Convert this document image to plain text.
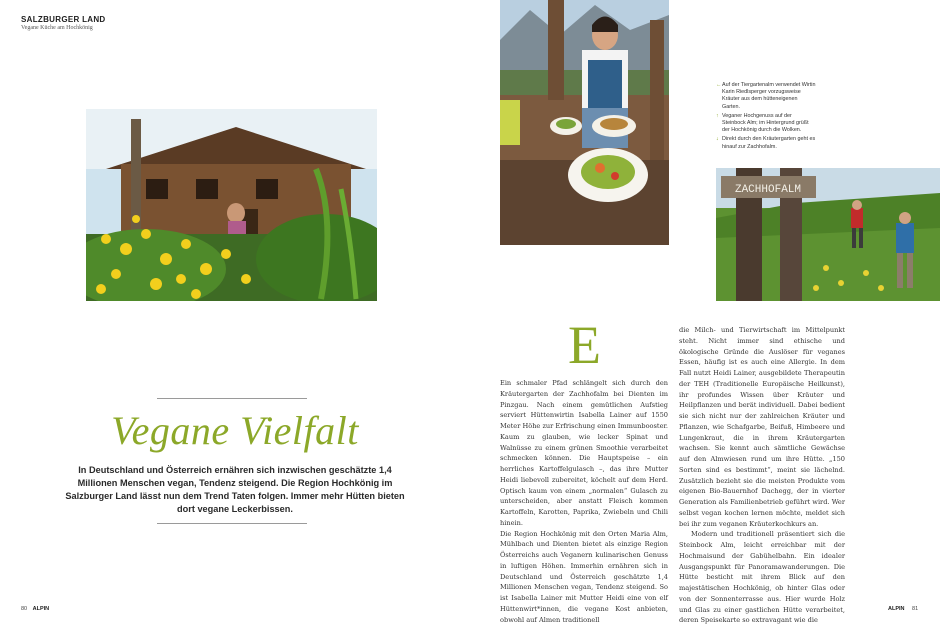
SALZBURGER LAND
Vegane Küche am Hochkönig
ZACHHOFALM
← Auf der Tiergartenalm verwendet Wirtin Karin Riedlsperger vorzugsweise Kräuter aus dem hütteneigenen Garten.
↑ Veganer Hochgenuss auf der Steinbock Alm; im Hintergrund grüßt der Hochkönig durch die Wolken.
↓ Direkt durch den Kräutergarten geht es hinauf zur Zachhofalm.
Vegane Vielfalt
In Deutschland und Österreich ernähren sich inzwischen geschätzte 1,4 Millionen Menschen vegan, Tendenz steigend. Die Region Hochkönig im Salzburger Land lässt nun dem Trend Taten folgen. Immer mehr Hütten bieten dort vegane Leckerbissen.
E

Ein schmaler Pfad schlängelt sich durch den Kräutergarten der Zachhofalm bei Dienten im Pinzgau. Nach einem gemütlichen Aufstieg serviert Hüttenwirtin Isabella Lainer auf 1550 Meter Höhe zur Erfrischung einen Immunbooster. Kaum zu glauben, wie lecker Spinat und Walnüsse zu einem grünen Smoothie verarbeitet schmecken können. Die Hauptspeise – ein herrliches Kartoffelgulasch –, das ihre Mutter Heidi liebevoll zubereitet, köchelt auf dem Herd. Optisch kaum von einem „normalen“ Gulasch zu unterscheiden, aber anstatt Fleisch kommen Kartoffeln, Karotten, Paprika, Zwiebeln und Chili hinein.

Die Region Hochkönig mit den Orten Maria Alm, Mühlbach und Dienten bietet als einzige Region Österreichs auch Veganern kulinarischen Genuss in luftigen Höhen. Immerhin ernähren sich in Deutschland und Österreich geschätzte 1,4 Millionen Menschen vegan, Tendenz steigend. So ist Isabella Lainer mit Mutter Heidi eine von elf Hüttenwirt*innen, die vegane Kost anbieten, obwohl auf Almen traditionell

die Milch- und Tierwirtschaft im Mittelpunkt steht. Nicht immer sind ethische und ökologische Gründe die Auslöser für veganes Essen, häufig ist es auch eine Allergie. In dem Fall nutzt Heidi Lainer, ausgebildete Therapeutin der TEH (Traditionelle Europäische Heilkunst), ihr profundes Wissen über Kräuter und Heilpflanzen und berät individuell. Dabei bedient sie sich nicht nur der zahlreichen Kräuter und Pflanzen, wie Schafgarbe, Beifuß, Himbeere und Lungenkraut, die in ihrem Kräutergarten wachsen. Sie kennt auch sämtliche Gewächse auf den Almwiesen rund um ihre Hütte. „150 Sorten sind es bestimmt“, meint sie lächelnd. Zusätzlich bezieht sie die meisten Produkte vom eigenen Bio-Bauernhof Dachegg, der in vierter Generation als Familienbetrieb geführt wird. Wer selbst vegan kochen lernen möchte, meldet sich bei ihr zum veganen Kräuterkochkurs an.

Modern und traditionell präsentiert sich die Steinbock Alm, leicht erreichbar mit der Hochmaisund der Gabühelbahn. Ein idealer Ausgangspunkt für Panoramawanderungen. Die Hütte besticht mit ihrem Blick auf den majestätischen Hochkönig, ob hinter Glas oder von der Sonnenterrasse aus. Hier wurde Holz und Glas zu einer gastlichen Hütte verarbeitet, deren Speisekarte so extravagant wie die

80 ALPIN	ALPIN 81
